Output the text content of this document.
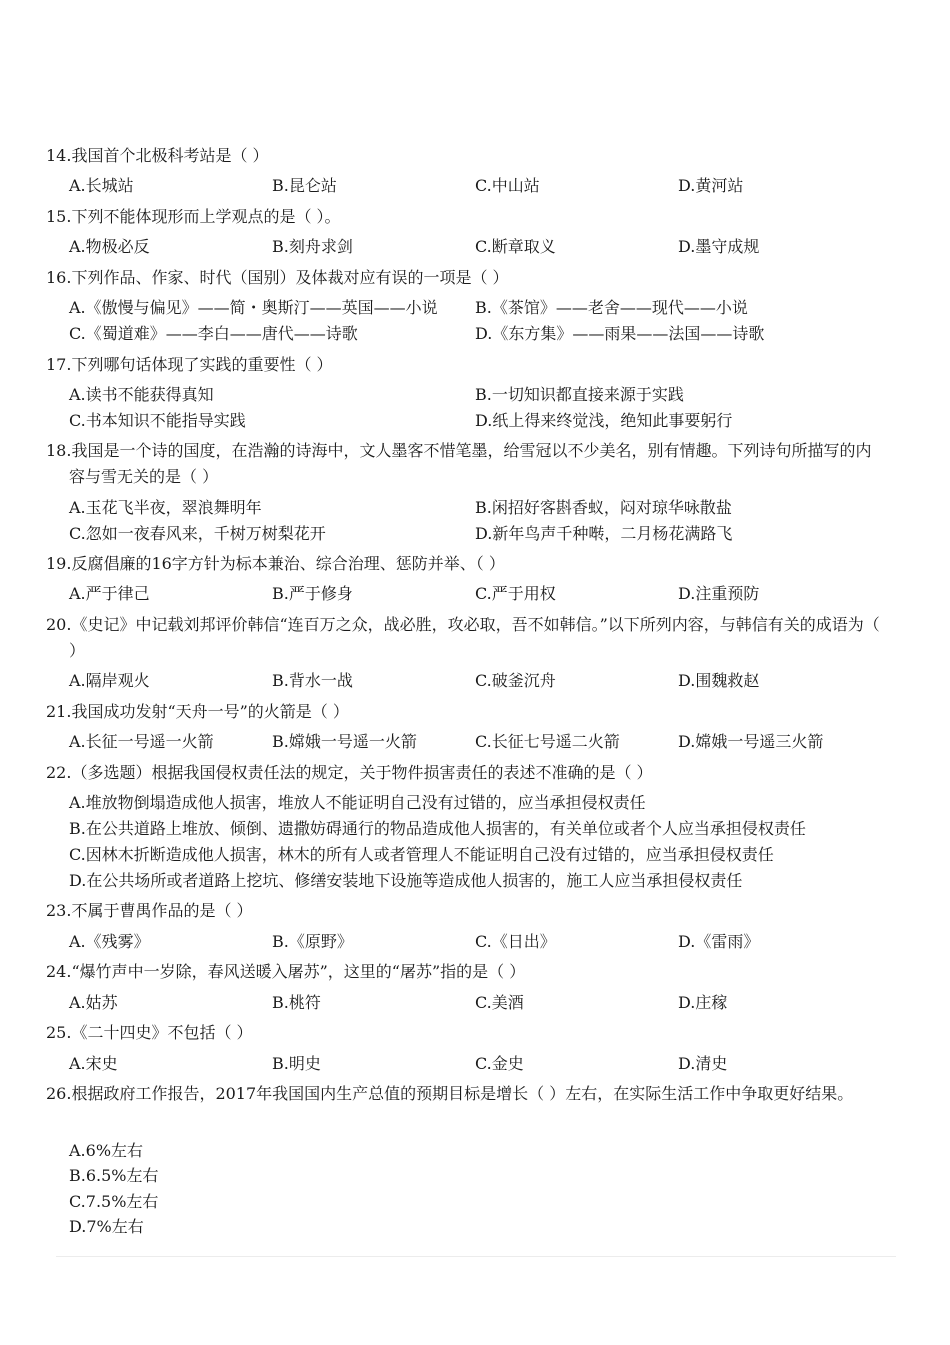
14.我国首个北极科考站是（ ）
A.长城站	B.昆仑站	C.中山站	D.黄河站
15.下列不能体现形而上学观点的是（ ）。
A.物极必反	B.刻舟求剑	C.断章取义	D.墨守成规
16.下列作品、作家、时代（国别）及体裁对应有误的一项是（ ）
A.《傲慢与偏见》——简・奥斯汀——英国——小说 B.《茶馆》——老舍——现代——小说
C.《蜀道难》——李白——唐代——诗歌	D.《东方集》——雨果——法国——诗歌
17.下列哪句话体现了实践的重要性（ ）
A.读书不能获得真知	B.一切知识都直接来源于实践
C.书本知识不能指导实践	D.纸上得来终觉浅，绝知此事要躬行
18.我国是一个诗的国度，在浩瀚的诗海中，文人墨客不惜笔墨，给雪冠以不少美名，别有情趣。下列诗句所描写的内容与雪无关的是（ ）
A.玉花飞半夜，翠浪舞明年	B.闲招好客斟香蚁，闷对琼华咏散盐
C.忽如一夜春风来，千树万树梨花开	D.新年鸟声千种啭，二月杨花满路飞
19.反腐倡廉的16字方针为标本兼治、综合治理、惩防并举、（ ）
A.严于律己	B.严于修身	C.严于用权	D.注重预防
20.《史记》中记载刘邦评价韩信“连百万之众，战必胜，攻必取，吾不如韩信。”以下所列内容，与韩信有关的成语为（ ）
A.隔岸观火	B.背水一战	C.破釜沉舟	D.围魏救赵
21.我国成功发射“天舟一号”的火箭是（ ）
A.长征一号遥一火箭	B.嫦娥一号遥一火箭	C.长征七号遥二火箭	D.嫦娥一号遥三火箭
22.（多选题）根据我国侵权责任法的规定，关于物件损害责任的表述不准确的是（ ）
A.堆放物倒塌造成他人损害，堆放人不能证明自己没有过错的，应当承担侵权责任
B.在公共道路上堆放、倾倒、遗撒妨碍通行的物品造成他人损害的，有关单位或者个人应当承担侵权责任
C.因林木折断造成他人损害，林木的所有人或者管理人不能证明自己没有过错的，应当承担侵权责任
D.在公共场所或者道路上挖坑、修缮安装地下设施等造成他人损害的，施工人应当承担侵权责任
23.不属于曹禺作品的是（ ）
A.《残雾》	B.《原野》	C.《日出》	D.《雷雨》
24.“爆竹声中一岁除，春风送暖入屠苏”，这里的“屠苏”指的是（ ）
A.姑苏	B.桃符	C.美酒	D.庄稼
25.《二十四史》不包括（ ）
A.宋史	B.明史	C.金史	D.清史
26.根据政府工作报告，2017年我国国内生产总值的预期目标是增长（ ）左右，在实际生活工作中争取更好结果。
A.6%左右
B.6.5%左右
C.7.5%左右
D.7%左右
